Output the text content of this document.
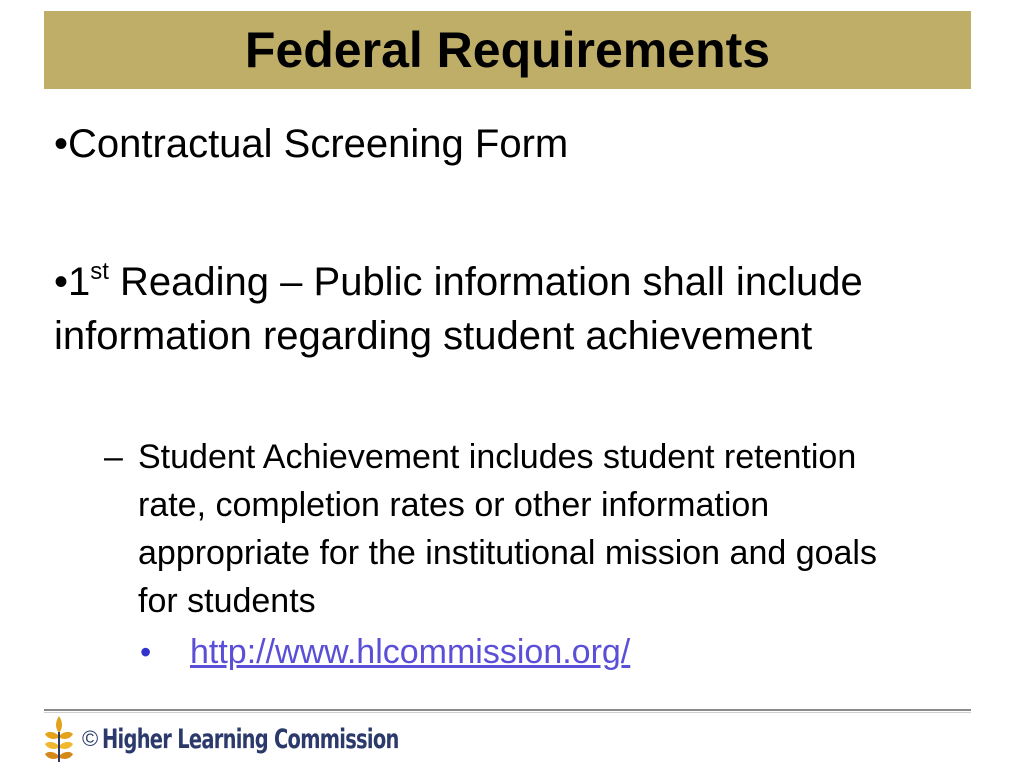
Federal Requirements
•Contractual Screening Form
•1st Reading – Public information shall include information regarding student achievement
– Student Achievement includes student retention rate, completion rates or other information appropriate for the institutional mission and goals for students
•	http://www.hlcommission.org/
© Higher Learning Commission
